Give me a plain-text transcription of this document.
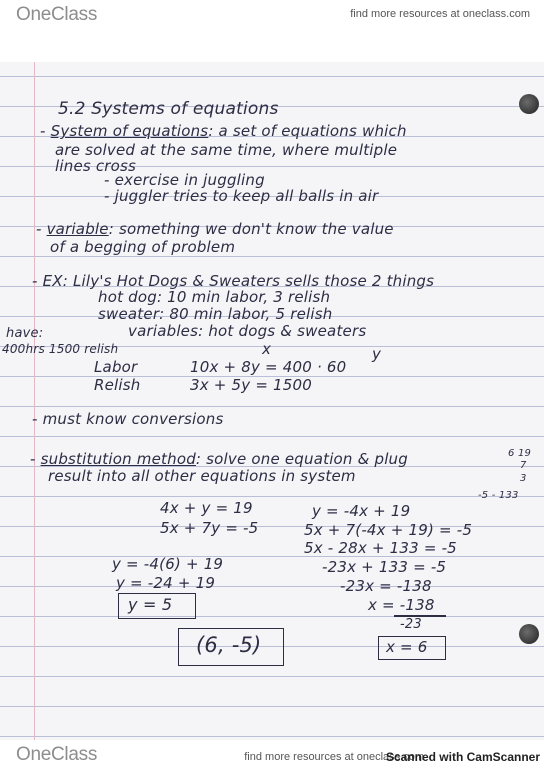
OneClass	find more resources at oneclass.com
5.2 Systems of equations
- System of equations: a set of equations which
are solved at the same time, where multiple
lines cross
- exercise in juggling
- juggler tries to keep all balls in air
- variable: something we don't know the value
of a begging of problem
- EX: Lily's Hot Dogs & Sweaters sells those 2 things
hot dog: 10 min labor, 3 relish
sweater: 80 min labor, 5 relish
variables: hot dogs & sweaters
have:
400hrs 1500 relish	x	y
Labor	10x + 8y = 400 · 60
Relish	3x + 5y = 1500
- must know conversions
- substitution method: solve one equation & plug
result into all other equations in system
6 19
7
3
-5 - 133
4x + y = 19
5x + 7y = -5
y = -4x + 19
5x + 7(-4x + 19) = -5
5x - 28x + 133 = -5
-23x + 133 = -5
-23x = -138
x = -138
-23
x = 6
y = -4(6) + 19
y = -24 + 19
y = 5
(6, -5)
OneClass	find more resources at oneclass.com
Scanned with CamScanner
